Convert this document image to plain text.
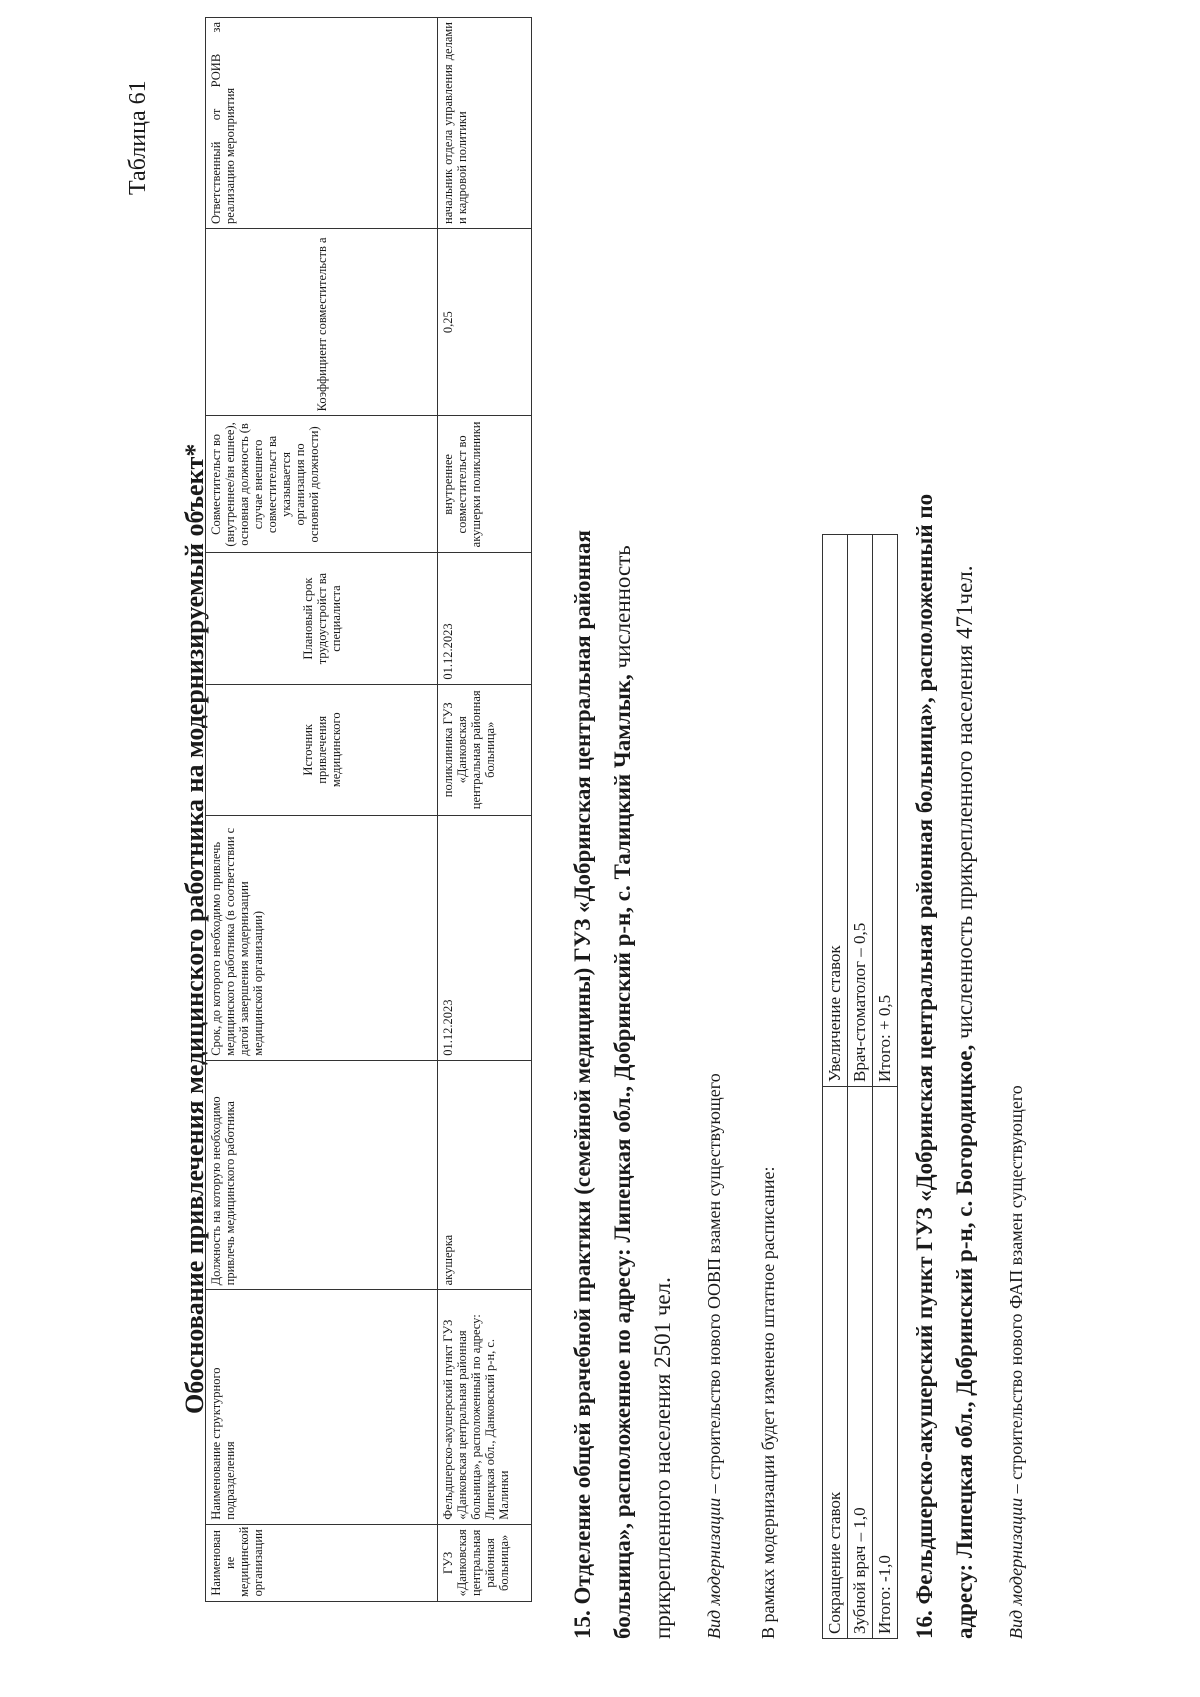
Таблица 61
Обоснование привлечения медицинского работника на модернизируемый объект*
Наименован ие медицинской организации	Наименование структурного подразделения	Должность на которую необходимо привлечь медицинского работника	Срок, до которого необходимо привлечь медицинского работника (в соответствии с датой завершения модернизации медицинской организации)	Источник привлечения медицинского	Плановый срок трудоустройст ва специалиста	Совместительст во (внутреннее/вн ешнее), основная должность (в случае внешнего совместительст ва указывается организация по основной должности)	Коэффициент совместительств а	Ответственный от РОИВ за реализацию мероприятия
ГУЗ «Данковская центральная районная больница»	Фельдшерско-акушерский пункт ГУЗ «Данковская центральная районная больница», расположенный по адресу: Липецкая обл., Данковский р-н, с. Малинки	акушерка	01.12.2023	поликлиника ГУЗ «Данковская центральная районная больница»	01.12.2023	внутреннее совместительст во акушерки поликлиники	0,25	начальник отдела управления делами и кадровой политики
15. Отделение общей врачебной практики (семейной медицины) ГУЗ «Добринская центральная районная больница», расположенное по адресу: Липецкая обл., Добринский р-н, с. Талицкий Чамлык, численность
прикрепленного населения 2501 чел. Вид модернизации – строительство нового ООВП взамен существующего В рамках модернизации будет изменено штатное расписание:	Сокращение ставок	Увеличение ставок
Зубной врач – 1,0	Врач-стоматолог – 0,5
Итого: -1,0	Итого: + 0,5 16. Фельдшерско-акушерский пункт ГУЗ «Добринская центральная районная больница», расположенный по адресу: Липецкая обл., Добринский р-н, с. Богородицкое, численность прикрепленного населения 471чел.
Вид модернизации – строительство нового ФАП взамен существующего
